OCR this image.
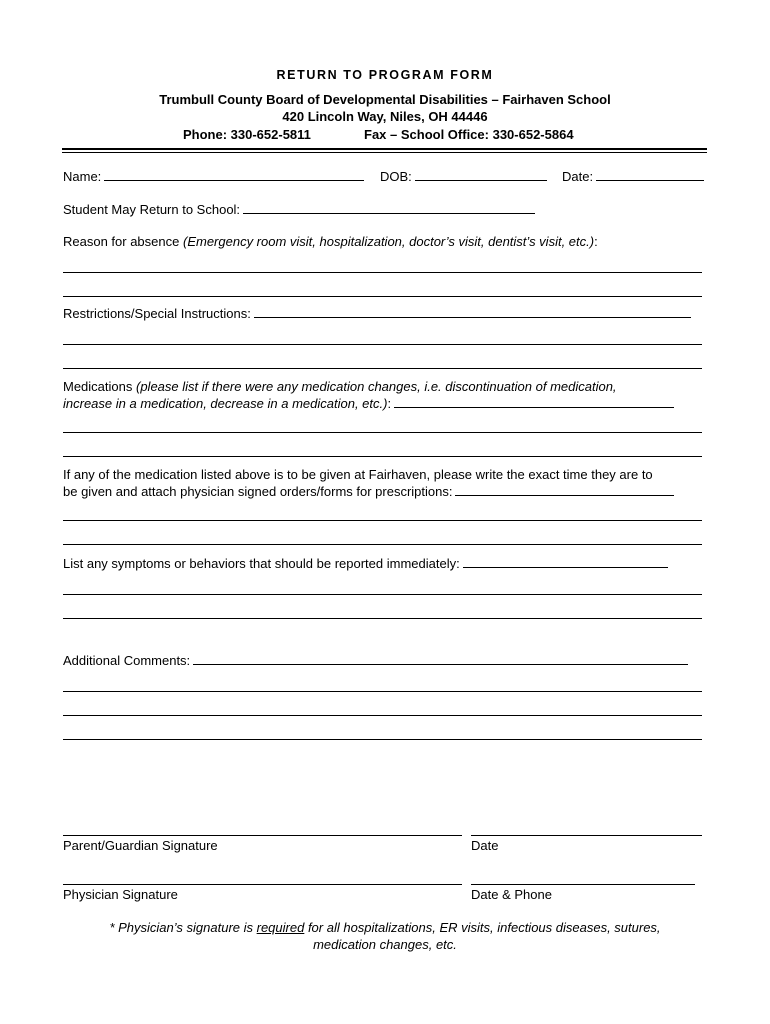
RETURN TO PROGRAM FORM
Trumbull County Board of Developmental Disabilities – Fairhaven School
420 Lincoln Way, Niles, OH 44446
Phone: 330-652-5811	Fax – School Office: 330-652-5864
Name:	DOB:	Date:
Student May Return to School:
Reason for absence (Emergency room visit, hospitalization, doctor’s visit, dentist’s visit, etc.):
Restrictions/Special Instructions:
Medications (please list if there were any medication changes, i.e. discontinuation of medication,
increase in a medication, decrease in a medication, etc.):
If any of the medication listed above is to be given at Fairhaven, please write the exact time they are to
be given and attach physician signed orders/forms for prescriptions:
List any symptoms or behaviors that should be reported immediately:
Additional Comments:
Parent/Guardian Signature	Date
Physician Signature	Date & Phone
* Physician’s signature is required for all hospitalizations, ER visits, infectious diseases, sutures,
medication changes, etc.
